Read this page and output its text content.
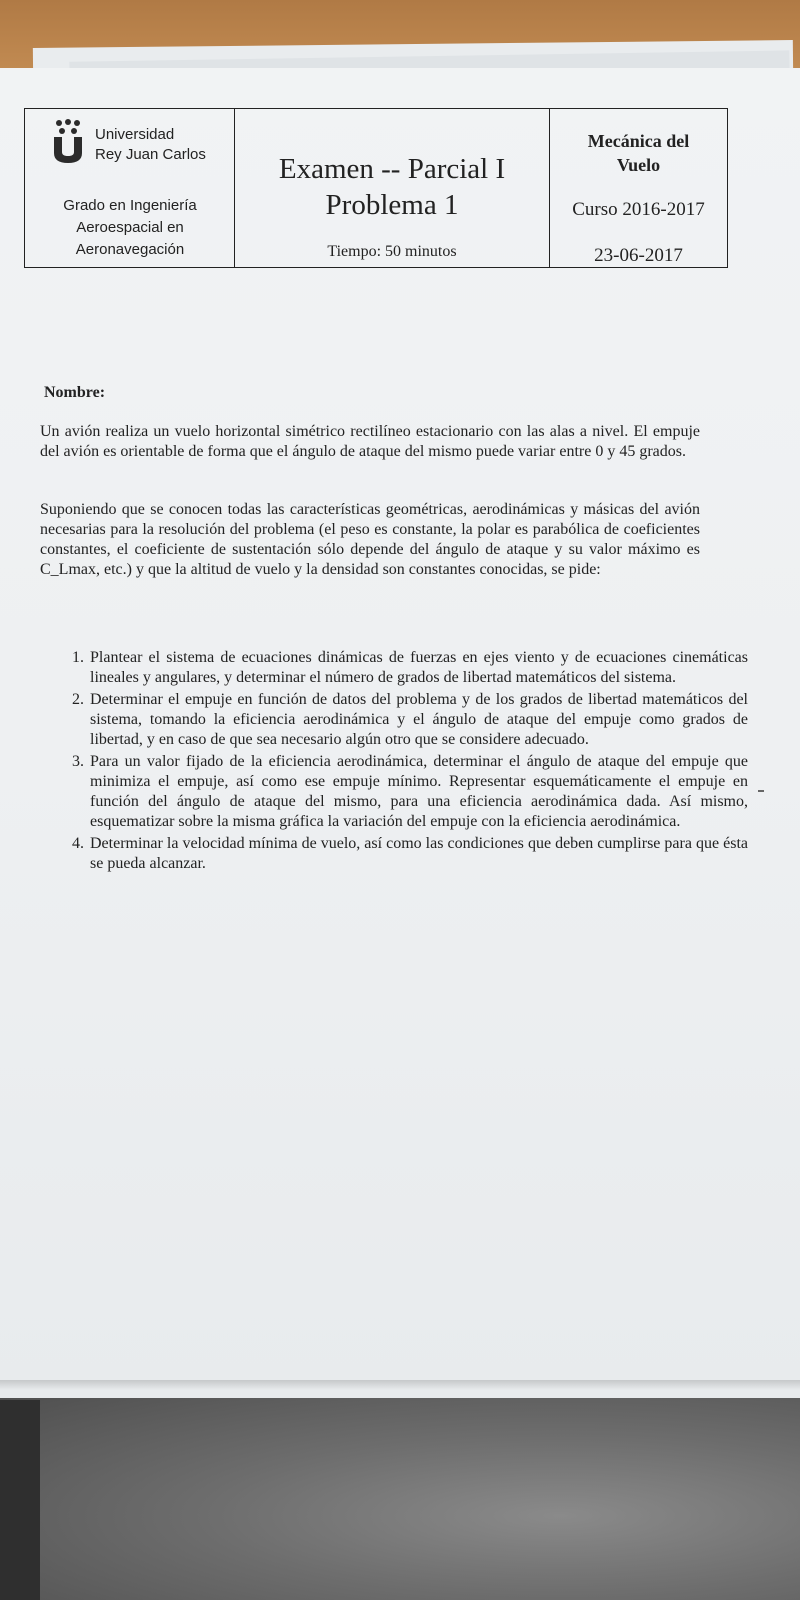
Universidad
Rey Juan Carlos
Grado en Ingeniería
Aeroespacial en
Aeronavegación
Examen -- Parcial I
Problema 1
Tiempo: 50 minutos
Mecánica del
Vuelo
Curso 2016-2017
23-06-2017
Nombre:
Un avión realiza un vuelo horizontal simétrico rectilíneo estacionario con las alas a nivel. El empuje del avión es orientable de forma que el ángulo de ataque del mismo puede variar entre 0 y 45 grados.
Suponiendo que se conocen todas las características geométricas, aerodinámicas y másicas del avión necesarias para la resolución del problema (el peso es constante, la polar es parabólica de coeficientes constantes, el coeficiente de sustentación sólo depende del ángulo de ataque y su valor máximo es C_Lmax, etc.) y que la altitud de vuelo y la densidad son constantes conocidas, se pide:
1. Plantear el sistema de ecuaciones dinámicas de fuerzas en ejes viento y de ecuaciones cinemáticas lineales y angulares, y determinar el número de grados de libertad matemáticos del sistema.
2. Determinar el empuje en función de datos del problema y de los grados de libertad matemáticos del sistema, tomando la eficiencia aerodinámica y el ángulo de ataque del empuje como grados de libertad, y en caso de que sea necesario algún otro que se considere adecuado.
3. Para un valor fijado de la eficiencia aerodinámica, determinar el ángulo de ataque del empuje que minimiza el empuje, así como ese empuje mínimo. Representar esquemáticamente el empuje en función del ángulo de ataque del mismo, para una eficiencia aerodinámica dada. Así mismo, esquematizar sobre la misma gráfica la variación del empuje con la eficiencia aerodinámica.
4. Determinar la velocidad mínima de vuelo, así como las condiciones que deben cumplirse para que ésta se pueda alcanzar.
